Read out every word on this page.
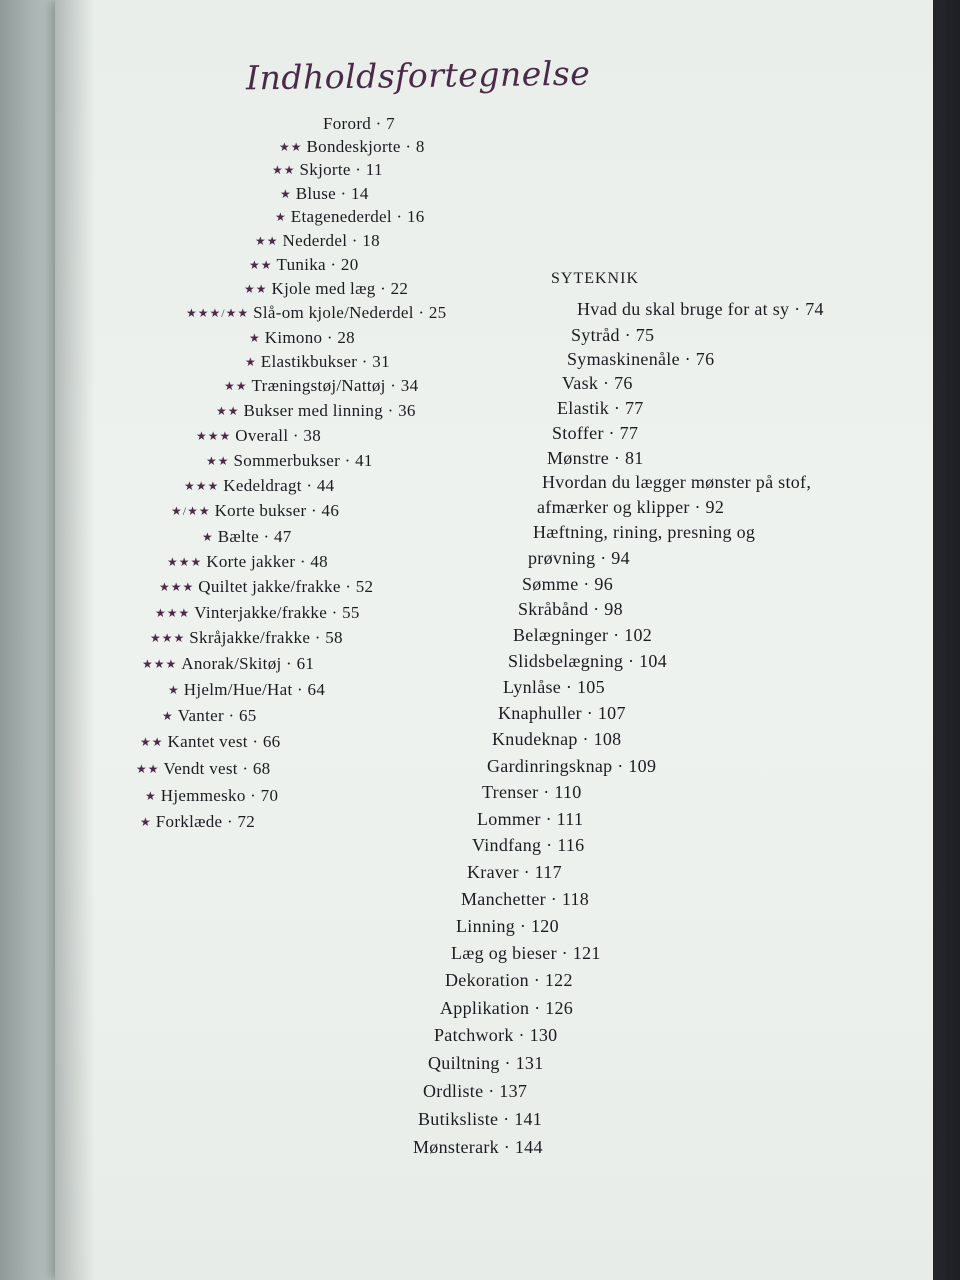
Indholdsfortegnelse
Forord · 7
★★ Bondeskjorte · 8
★★ Skjorte · 11
★ Bluse · 14
★ Etagenederdel · 16
★★ Nederdel · 18
★★ Tunika · 20
★★ Kjole med læg · 22
★★★/★★ Slå-om kjole/Nederdel · 25
★ Kimono · 28
★ Elastikbukser · 31
★★ Træningstøj/Nattøj · 34
★★ Bukser med linning · 36
★★★ Overall · 38
★★ Sommerbukser · 41
★★★ Kedeldragt · 44
★/★★ Korte bukser · 46
★ Bælte · 47
★★★ Korte jakker · 48
★★★ Quiltet jakke/frakke · 52
★★★ Vinterjakke/frakke · 55
★★★ Skråjakke/frakke · 58
★★★ Anorak/Skitøj · 61
★ Hjelm/Hue/Hat · 64
★ Vanter · 65
★★ Kantet vest · 66
★★ Vendt vest · 68
★ Hjemmesko · 70
★ Forklæde · 72
SYTEKNIK
Hvad du skal bruge for at sy · 74
Sytråd · 75
Symaskinenåle · 76
Vask · 76
Elastik · 77
Stoffer · 77
Mønstre · 81
Hvordan du lægger mønster på stof,
afmærker og klipper · 92
Hæftning, rining, presning og
prøvning · 94
Sømme · 96
Skråbånd · 98
Belægninger · 102
Slidsbelægning · 104
Lynlåse · 105
Knaphuller · 107
Knudeknap · 108
Gardinringsknap · 109
Trenser · 110
Lommer · 111
Vindfang · 116
Kraver · 117
Manchetter · 118
Linning · 120
Læg og bieser · 121
Dekoration · 122
Applikation · 126
Patchwork · 130
Quiltning · 131
Ordliste · 137
Butiksliste · 141
Mønsterark · 144
